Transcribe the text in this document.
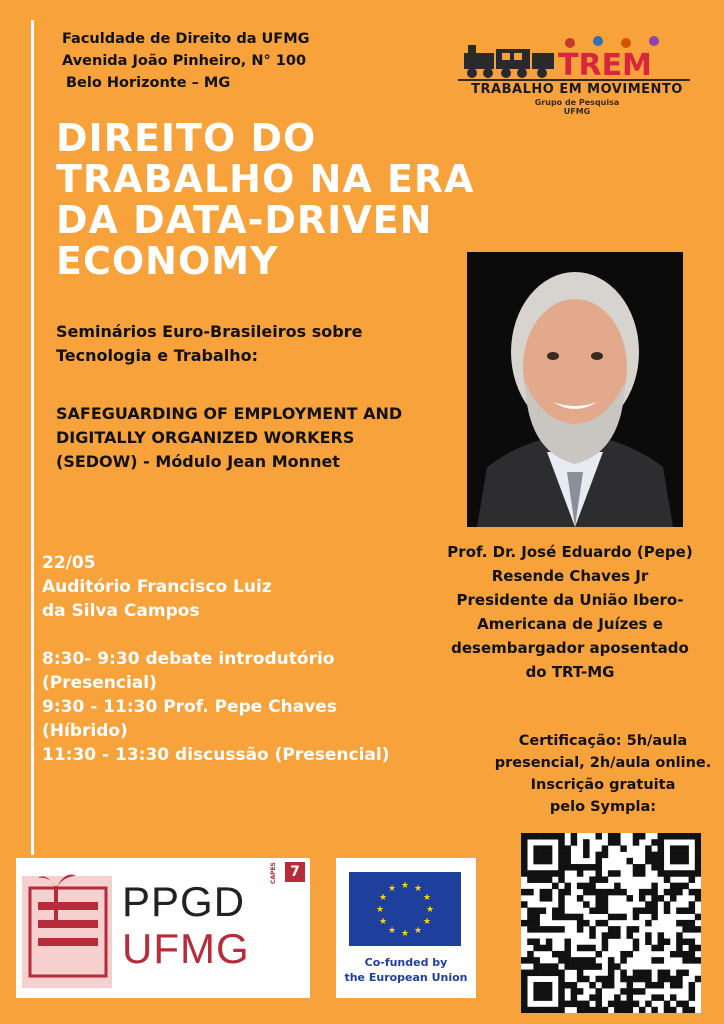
Faculdade de Direito da UFMG
Avenida João Pinheiro, N° 100
Belo Horizonte – MG	TREM
TRABALHO EM MOVIMENTO
Grupo de Pesquisa
UFMG
DIREITO DO
TRABALHO NA ERA
DA DATA-DRIVEN
ECONOMY
Seminários Euro-Brasileiros sobre Tecnologia e Trabalho:
SAFEGUARDING OF EMPLOYMENT AND DIGITALLY ORGANIZED WORKERS (SEDOW) - Módulo Jean Monnet
22/05
Auditório Francisco Luiz
da Silva Campos
8:30- 9:30 debate introdutório
(Presencial)
9:30 - 11:30 Prof. Pepe Chaves
(Híbrido)
11:30 - 13:30 discussão (Presencial)
Prof. Dr. José Eduardo (Pepe)
Resende Chaves Jr
Presidente da União Ibero-
Americana de Juízes e
desembargador aposentado
do TRT-MG
Certificação: 5h/aula
presencial, 2h/aula online.
Inscrição gratuita
pelo Sympla:
PPGD
UFMG
CAPES 7
★ ★
★
★
★
★
★
★
★
★
★
★
Co-funded by
the European Union
